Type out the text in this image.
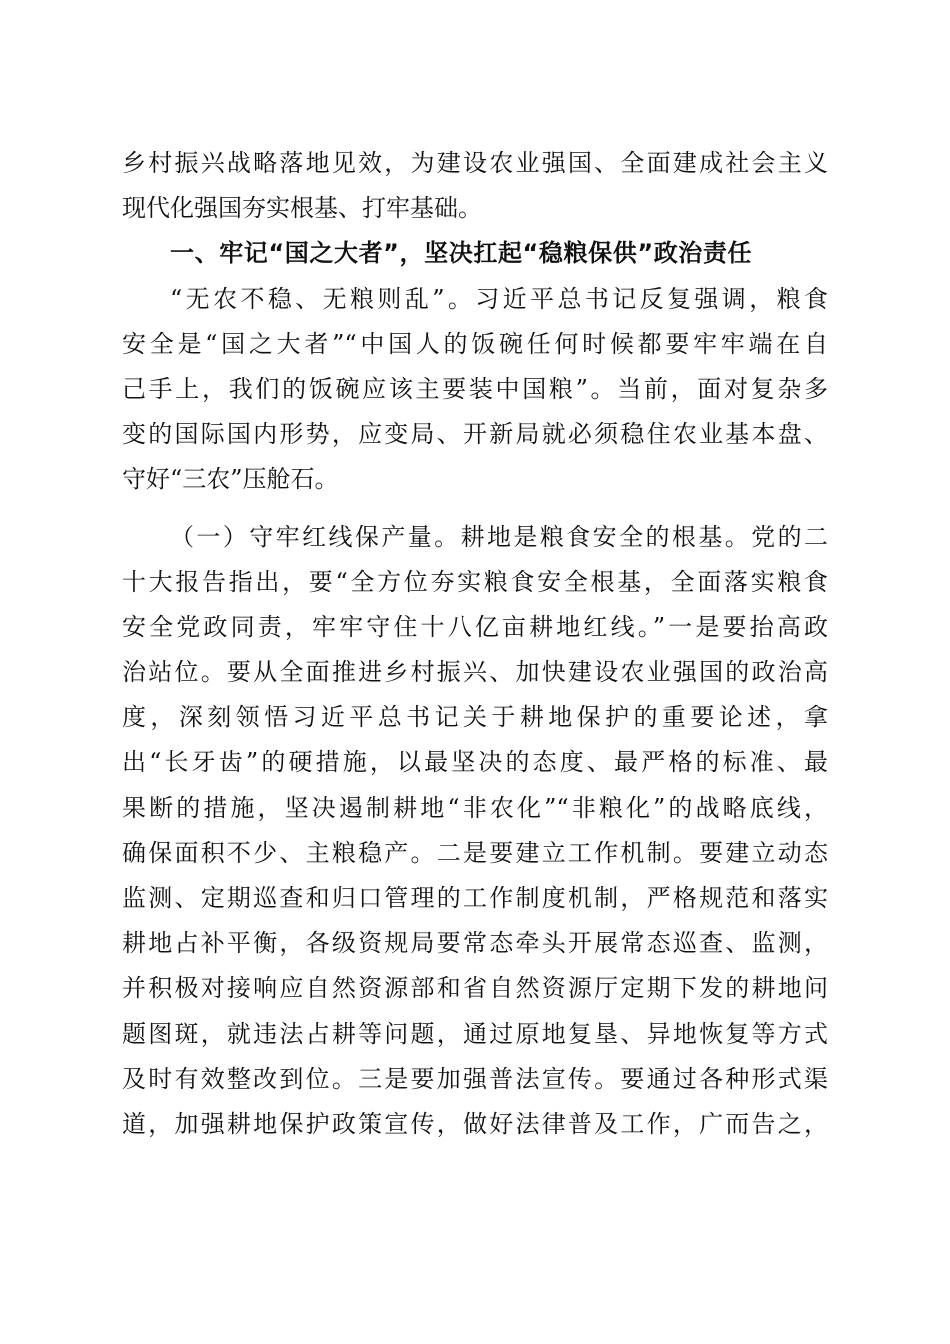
乡村振兴战略落地见效，为建设农业强国、全面建成社会主义
现代化强国夯实根基、打牢基础。
一、牢记“国之大者”，坚决扛起“稳粮保供”政治责任
“无农不稳、无粮则乱”。习近平总书记反复强调，粮食
安全是“国之大者”“中国人的饭碗任何时候都要牢牢端在自
己手上，我们的饭碗应该主要装中国粮”。当前，面对复杂多
变的国际国内形势，应变局、开新局就必须稳住农业基本盘、
守好“三农”压舱石。
（一）守牢红线保产量。耕地是粮食安全的根基。党的二
十大报告指出，要“全方位夯实粮食安全根基，全面落实粮食
安全党政同责，牢牢守住十八亿亩耕地红线。”一是要抬高政
治站位。要从全面推进乡村振兴、加快建设农业强国的政治高
度，深刻领悟习近平总书记关于耕地保护的重要论述，拿
出“长牙齿”的硬措施，以最坚决的态度、最严格的标准、最
果断的措施，坚决遏制耕地“非农化”“非粮化”的战略底线，
确保面积不少、主粮稳产。二是要建立工作机制。要建立动态
监测、定期巡查和归口管理的工作制度机制，严格规范和落实
耕地占补平衡，各级资规局要常态牵头开展常态巡查、监测，
并积极对接响应自然资源部和省自然资源厅定期下发的耕地问
题图斑，就违法占耕等问题，通过原地复垦、异地恢复等方式
及时有效整改到位。三是要加强普法宣传。要通过各种形式渠
道，加强耕地保护政策宣传，做好法律普及工作，广而告之，
